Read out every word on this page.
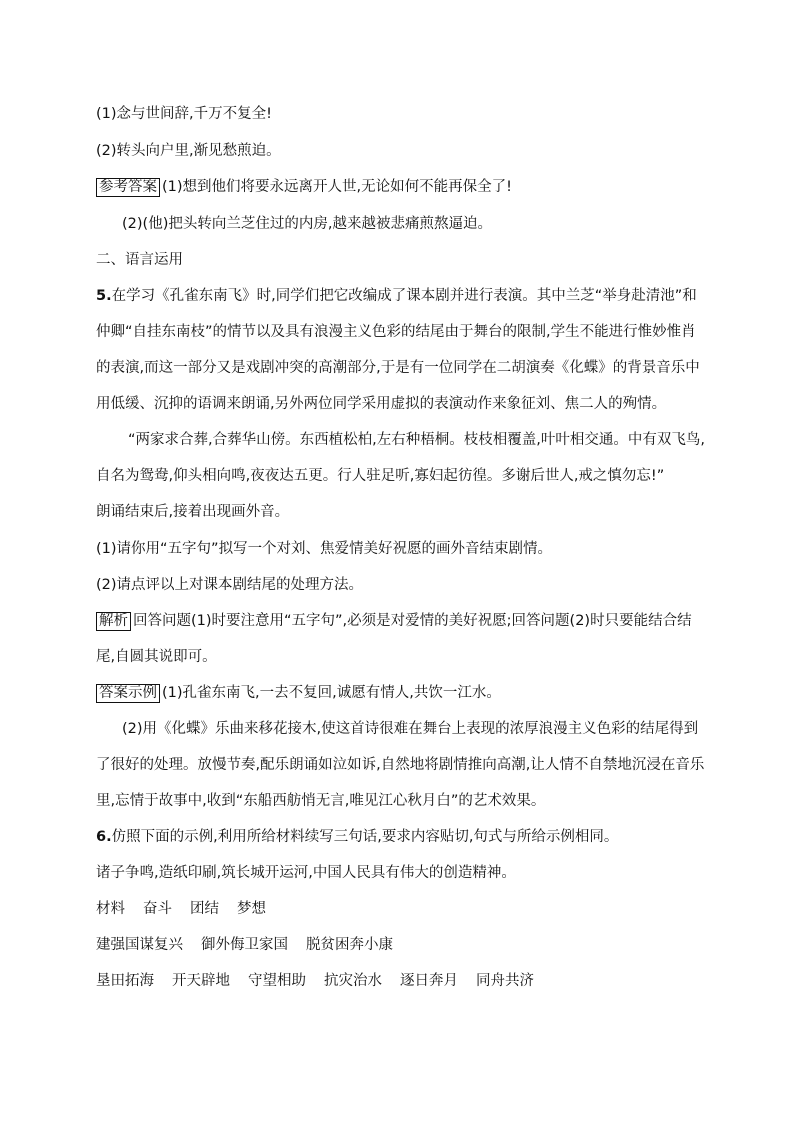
(1)念与世间辞,千万不复全!
(2)转头向户里,渐见愁煎迫。
参考答案 (1)想到他们将要永远离开人世,无论如何不能再保全了!
(2)(他)把头转向兰芝住过的内房,越来越被悲痛煎熬逼迫。
二、语言运用
5.在学习《孔雀东南飞》时,同学们把它改编成了课本剧并进行表演。其中兰芝“举身赴清池”和
仲卿“自挂东南枝”的情节以及具有浪漫主义色彩的结尾由于舞台的限制,学生不能进行惟妙惟肖
的表演,而这一部分又是戏剧冲突的高潮部分,于是有一位同学在二胡演奏《化蝶》的背景音乐中
用低缓、沉抑的语调来朗诵,另外两位同学采用虚拟的表演动作来象征刘、焦二人的殉情。
“两家求合葬,合葬华山傍。东西植松柏,左右种梧桐。枝枝相覆盖,叶叶相交通。中有双飞鸟,
自名为鸳鸯,仰头相向鸣,夜夜达五更。行人驻足听,寡妇起彷徨。多谢后世人,戒之慎勿忘!”
朗诵结束后,接着出现画外音。
(1)请你用“五字句”拟写一个对刘、焦爱情美好祝愿的画外音结束剧情。
(2)请点评以上对课本剧结尾的处理方法。
解析 回答问题(1)时要注意用“五字句”,必须是对爱情的美好祝愿;回答问题(2)时只要能结合结
尾,自圆其说即可。
答案示例 (1)孔雀东南飞,一去不复回,诚愿有情人,共饮一江水。
(2)用《化蝶》乐曲来移花接木,使这首诗很难在舞台上表现的浓厚浪漫主义色彩的结尾得到
了很好的处理。放慢节奏,配乐朗诵如泣如诉,自然地将剧情推向高潮,让人情不自禁地沉浸在音乐
里,忘情于故事中,收到“东船西舫悄无言,唯见江心秋月白”的艺术效果。
6.仿照下面的示例,利用所给材料续写三句话,要求内容贴切,句式与所给示例相同。
诸子争鸣,造纸印刷,筑长城开运河,中国人民具有伟大的创造精神。
材料 奋斗 团结 梦想
建强国谋复兴 御外侮卫家国 脱贫困奔小康
垦田拓海 开天辟地 守望相助 抗灾治水 逐日奔月 同舟共济
